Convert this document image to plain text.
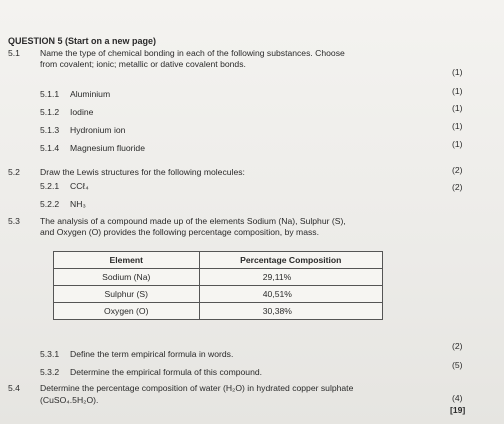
QUESTION 5 (Start on a new page)
5.1 Name the type of chemical bonding in each of the following substances. Choose
from covalent; ionic; metallic or dative covalent bonds.
(1)
5.1.1 Aluminium	(1)
5.1.2 Iodine	(1)
5.1.3 Hydronium ion	(1)
5.1.4 Magnesium fluoride	(1)
5.2 Draw the Lewis structures for the following molecules:
5.2.1 CCℓ₄
(2)
5.2.2 NH₃
(2)
5.3 The analysis of a compound made up of the elements Sodium (Na), Sulphur (S),
and Oxygen (O) provides the following percentage composition, by mass.
Element	Percentage Composition
Sodium (Na)	29,11%
Sulphur (S)	40,51%
Oxygen (O)	30,38%
5.3.1 Define the term empirical formula in words.
(2)
5.3.2 Determine the empirical formula of this compound.
(5)
5.4 Determine the percentage composition of water (H₂O) in hydrated copper sulphate
(CuSO₄.5H₂O).	(4)
[19]
